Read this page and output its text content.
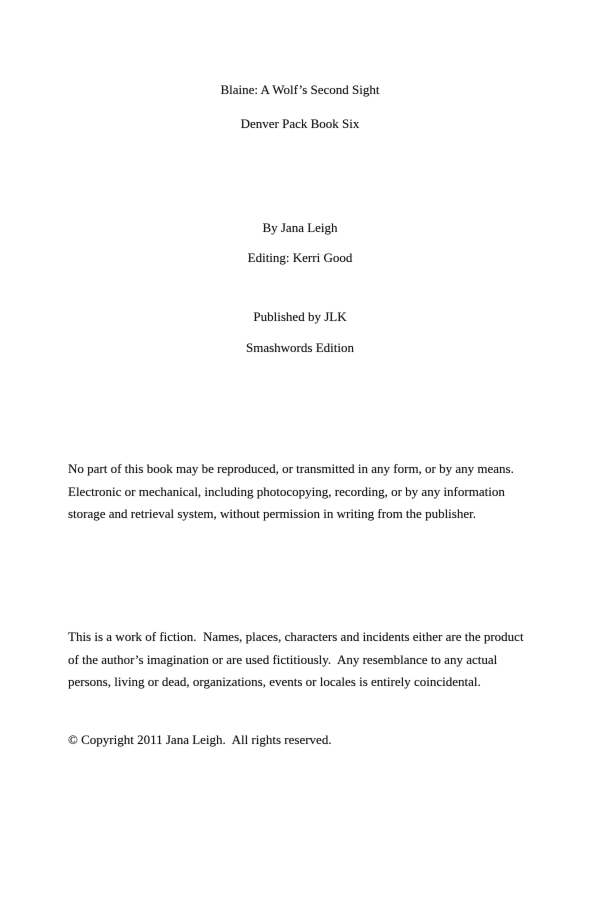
Blaine: A Wolf’s Second Sight
Denver Pack Book Six
By Jana Leigh
Editing: Kerri Good
Published by JLK
Smashwords Edition
No part of this book may be reproduced, or transmitted in any form, or by any means.
Electronic or mechanical, including photocopying, recording, or by any information
storage and retrieval system, without permission in writing from the publisher.
This is a work of fiction.  Names, places, characters and incidents either are the product
of the author’s imagination or are used fictitiously.  Any resemblance to any actual
persons, living or dead, organizations, events or locales is entirely coincidental.
© Copyright 2011 Jana Leigh.  All rights reserved.
